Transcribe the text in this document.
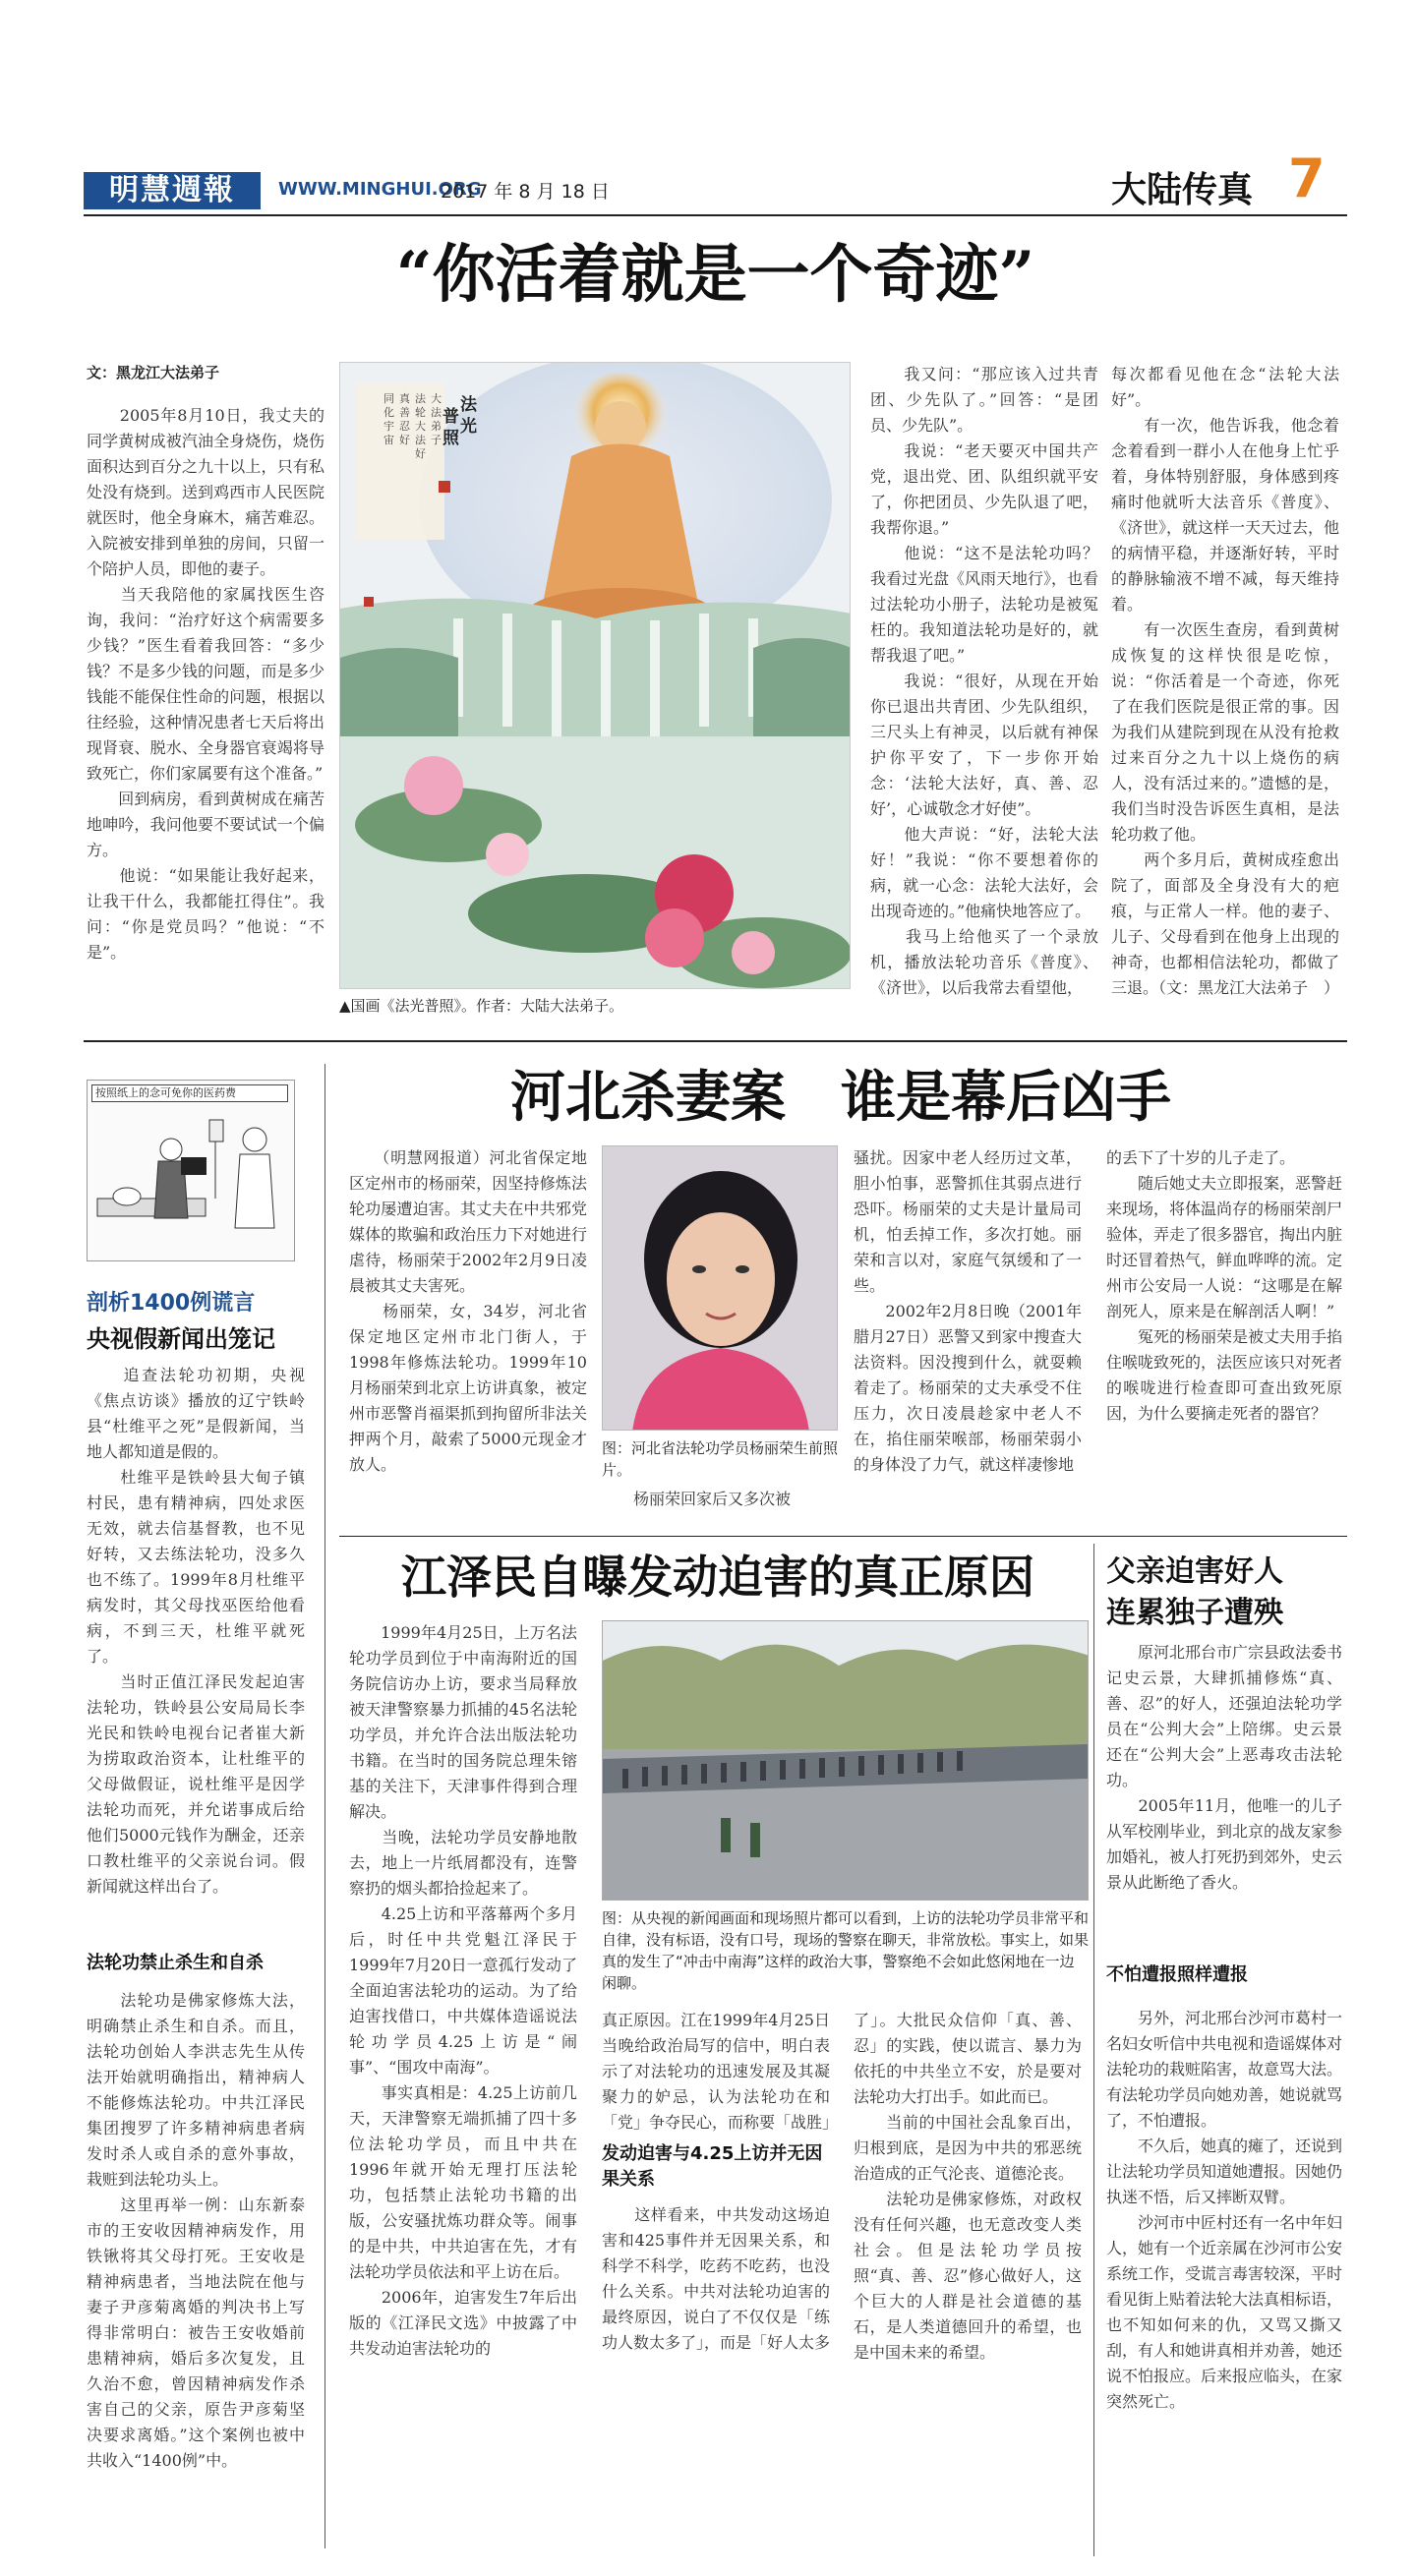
明慧週報	WWW.MINGHUI.ORG
2017 年 8 月 18 日	大陆传真 7
“你活着就是一个奇迹”
文：黑龙江大法弟子
　　2005年8月10日，我丈夫的同学黄树成被汽油全身烧伤，烧伤面积达到百分之九十以上，只有私处没有烧到。送到鸡西市人民医院就医时，他全身麻木，痛苦难忍。入院被安排到单独的房间，只留一个陪护人员，即他的妻子。
　　当天我陪他的家属找医生咨询，我问：“治疗好这个病需要多少钱？”医生看着我回答：“多少钱？不是多少钱的问题，而是多少钱能不能保住性命的问题，根据以往经验，这种情况患者七天后将出现肾衰、脱水、全身器官衰竭将导致死亡，你们家属要有这个准备。”
　　回到病房，看到黄树成在痛苦地呻吟，我问他要不要试试一个偏方。
　　他说：“如果能让我好起来，让我干什么，我都能扛得住”。我问：“你是党员吗？”他说：“不是”。
大
法
弟
子
法
轮
大
法
好
真
善
忍
好
同
化
宇
宙
法
光
普
照
▲国画《法光普照》。作者：大陆大法弟子。
　　我又问：“那应该入过共青团、少先队了。”回答：“是团员、少先队”。
　　我说：“老天要灭中国共产党，退出党、团、队组织就平安了，你把团员、少先队退了吧，我帮你退。”
　　他说：“这不是法轮功吗？我看过光盘《风雨天地行》，也看过法轮功小册子，法轮功是被冤枉的。我知道法轮功是好的，就帮我退了吧。”
　　我说：“很好，从现在开始你已退出共青团、少先队组织，三尺头上有神灵，以后就有神保护你平安了，下一步你开始念：‘法轮大法好，真、善、忍好’，心诚敬念才好使”。
　　他大声说：“好，法轮大法好！”我说：“你不要想着你的病，就一心念：法轮大法好，会出现奇迹的。”他痛快地答应了。
　　我马上给他买了一个录放机，播放法轮功音乐《普度》、《济世》，以后我常去看望他，
每次都看见他在念“法轮大法好”。
　　有一次，他告诉我，他念着念着看到一群小人在他身上忙乎着，身体特别舒服，身体感到疼痛时他就听大法音乐《普度》、《济世》，就这样一天天过去，他的病情平稳，并逐渐好转，平时的静脉输液不增不减，每天维持着。
　　有一次医生查房，看到黄树成恢复的这样快很是吃惊，说：“你活着是一个奇迹，你死了在我们医院是很正常的事。因为我们从建院到现在从没有抢救过来百分之九十以上烧伤的病人，没有活过来的。”遗憾的是，我们当时没告诉医生真相，是法轮功救了他。
　　两个多月后，黄树成痊愈出院了，面部及全身没有大的疤痕，与正常人一样。他的妻子、儿子、父母看到在他身上出现的神奇，也都相信法轮功，都做了三退。（文：黑龙江大法弟子　）
按照纸上的念可免你的医药费
剖析1400例谎言
央视假新闻出笼记
　　追查法轮功初期，央视《焦点访谈》播放的辽宁铁岭县“杜维平之死”是假新闻，当地人都知道是假的。
　　杜维平是铁岭县大甸子镇村民，患有精神病，四处求医无效，就去信基督教，也不见好转，又去练法轮功，没多久也不练了。1999年8月杜维平病发时，其父母找巫医给他看病，不到三天，杜维平就死了。
　　当时正值江泽民发起迫害法轮功，铁岭县公安局局长李光民和铁岭电视台记者崔大新为捞取政治资本，让杜维平的父母做假证，说杜维平是因学法轮功而死，并允诺事成后给他们5000元钱作为酬金，还亲口教杜维平的父亲说台词。假新闻就这样出台了。
法轮功禁止杀生和自杀
　　法轮功是佛家修炼大法，明确禁止杀生和自杀。而且，法轮功创始人李洪志先生从传法开始就明确指出，精神病人不能修炼法轮功。中共江泽民集团搜罗了许多精神病患者病发时杀人或自杀的意外事故，栽赃到法轮功头上。
　　这里再举一例：山东新泰市的王安收因精神病发作，用铁锹将其父母打死。王安收是精神病患者，当地法院在他与妻子尹彦菊离婚的判决书上写得非常明白：被告王安收婚前患精神病，婚后多次复发，且久治不愈，曾因精神病发作杀害自己的父亲，原告尹彦菊坚决要求离婚。”这个案例也被中共收入“1400例”中。
河北杀妻案　谁是幕后凶手
　　（明慧网报道）河北省保定地区定州市的杨丽荣，因坚持修炼法轮功屡遭迫害。其丈夫在中共邪党媒体的欺骗和政治压力下对她进行虐待，杨丽荣于2002年2月9日凌晨被其丈夫害死。
　　杨丽荣，女，34岁，河北省保定地区定州市北门街人，于1998年修炼法轮功。1999年10月杨丽荣到北京上访讲真象，被定州市恶警肖福渠抓到拘留所非法关押两个月，敲索了5000元现金才放人。
图：河北省法轮功学员杨丽荣生前照片。
　　杨丽荣回家后又多次被
骚扰。因家中老人经历过文革，胆小怕事，恶警抓住其弱点进行恐吓。杨丽荣的丈夫是计量局司机，怕丢掉工作，多次打她。丽荣和言以对，家庭气氛缓和了一些。
　　2002年2月8日晚（2001年腊月27日）恶警又到家中搜查大法资料。因没搜到什么，就耍赖着走了。杨丽荣的丈夫承受不住压力，次日凌晨趁家中老人不在，掐住丽荣喉部，杨丽荣弱小的身体没了力气，就这样凄惨地
的丢下了十岁的儿子走了。
　　随后她丈夫立即报案，恶警赶来现场，将体温尚存的杨丽荣剖尸验体，弄走了很多器官，掏出内脏时还冒着热气，鲜血哗哗的流。定州市公安局一人说：“这哪是在解剖死人，原来是在解剖活人啊！”
　　冤死的杨丽荣是被丈夫用手掐住喉咙致死的，法医应该只对死者的喉咙进行检查即可查出致死原因，为什么要摘走死者的器官？
江泽民自曝发动迫害的真正原因
　　1999年4月25日，上万名法轮功学员到位于中南海附近的国务院信访办上访，要求当局释放被天津警察暴力抓捕的45名法轮功学员，并允许合法出版法轮功书籍。在当时的国务院总理朱镕基的关注下，天津事件得到合理解决。
　　当晚，法轮功学员安静地散去，地上一片纸屑都没有，连警察扔的烟头都拾捡起来了。
　　4.25上访和平落幕两个多月后，时任中共党魁江泽民于1999年7月20日一意孤行发动了全面迫害法轮功的运动。为了给迫害找借口，中共媒体造谣说法轮功学员4.25上访是“闹事”、“围攻中南海”。
　　事实真相是：4.25上访前几天，天津警察无端抓捕了四十多位法轮功学员，而且中共在1996年就开始无理打压法轮功，包括禁止法轮功书籍的出版，公安骚扰炼功群众等。闹事的是中共，中共迫害在先，才有法轮功学员依法和平上访在后。
　　2006年，迫害发生7年后出版的《江泽民文选》中披露了中共发动迫害法轮功的
图：从央视的新闻画面和现场照片都可以看到，上访的法轮功学员非常平和自律，没有标语，没有口号，现场的警察在聊天，非常放松。事实上，如果真的发生了“冲击中南海”这样的政治大事，警察绝不会如此悠闲地在一边闲聊。
真正原因。江在1999年4月25日当晚给政治局写的信中，明白表示了对法轮功的迅速发展及其凝聚力的妒忌，认为法轮功在和「党」争夺民心，而称要「战胜」
发动迫害与4.25上访并无因果关系
　　这样看来，中共发动这场迫害和425事件并无因果关系，和科学不科学，吃药不吃药，也没什么关系。中共对法轮功迫害的最终原因，说白了不仅仅是「练功人数太多了」，而是「好人太多
了」。大批民众信仰「真、善、忍」的实践，使以谎言、暴力为依托的中共坐立不安，於是要对法轮功大打出手。如此而已。
　　当前的中国社会乱象百出，归根到底，是因为中共的邪恶统治造成的正气沦丧、道德沦丧。
　　法轮功是佛家修炼，对政权没有任何兴趣，也无意改变人类社会。但是法轮功学员按照“真、善、忍”修心做好人，这个巨大的人群是社会道德的基石，是人类道德回升的希望，也是中国未来的希望。
父亲迫害好人
连累独子遭殃
　　原河北邢台市广宗县政法委书记史云景，大肆抓捕修炼“真、善、忍”的好人，还强迫法轮功学员在“公判大会”上陪绑。史云景还在“公判大会”上恶毒攻击法轮功。
　　2005年11月，他唯一的儿子从军校刚毕业，到北京的战友家参加婚礼，被人打死扔到郊外，史云景从此断绝了香火。
不怕遭报照样遭报
　　另外，河北邢台沙河市葛村一名妇女听信中共电视和造谣媒体对法轮功的栽赃陷害，故意骂大法。有法轮功学员向她劝善，她说就骂了，不怕遭报。
　　不久后，她真的瘫了，还说到让法轮功学员知道她遭报。因她仍执迷不悟，后又摔断双臂。
　　沙河市中匠村还有一名中年妇人，她有一个近亲属在沙河市公安系统工作，受谎言毒害较深，平时看见街上贴着法轮大法真相标语，也不知如何来的仇，又骂又撕又刮，有人和她讲真相并劝善，她还说不怕报应。后来报应临头，在家突然死亡。
